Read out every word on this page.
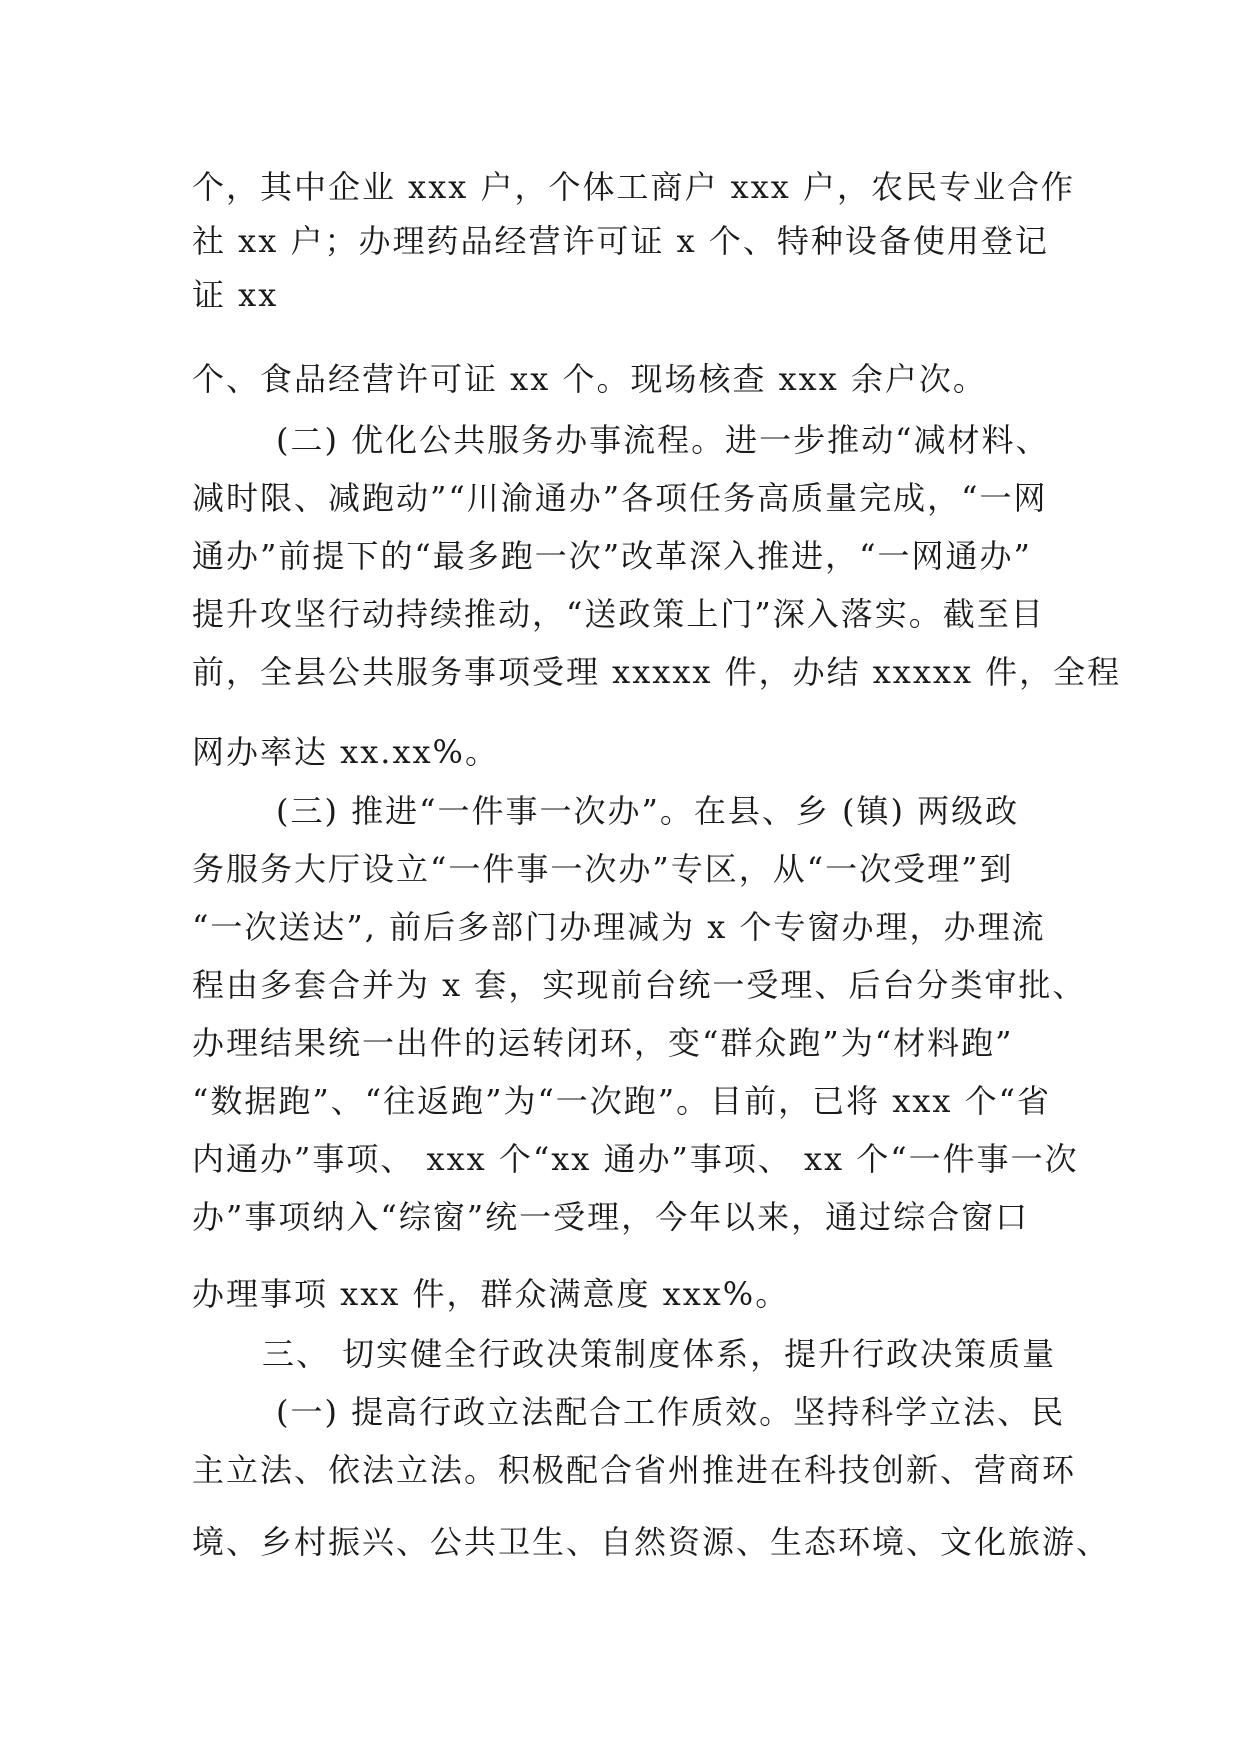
个，其中企业 xxx 户，个体工商户 xxx 户，农民专业合作
社 xx 户；办理药品经营许可证 x 个、特种设备使用登记
证 xx
个、食品经营许可证 xx 个。现场核查 xxx 余户次。
(二) 优化公共服务办事流程。进一步推动“减材料、
减时限、减跑动”“川渝通办”各项任务高质量完成，“一网
通办”前提下的“最多跑一次”改革深入推进，“一网通办”
提升攻坚行动持续推动，“送政策上门”深入落实。截至目
前，全县公共服务事项受理 xxxxx 件，办结 xxxxx 件，全程
网办率达 xx.xx%。
(三) 推进“一件事一次办”。在县、乡 (镇) 两级政
务服务大厅设立“一件事一次办”专区，从“一次受理”到
“一次送达”, 前后多部门办理减为 x 个专窗办理，办理流
程由多套合并为 x 套，实现前台统一受理、后台分类审批、
办理结果统一出件的运转闭环，变“群众跑”为“材料跑”
“数据跑”、“往返跑”为“一次跑”。目前，已将 xxx 个“省
内通办”事项、 xxx 个“xx 通办”事项、 xx 个“一件事一次
办”事项纳入“综窗”统一受理，今年以来，通过综合窗口
办理事项 xxx 件，群众满意度 xxx%。
三、 切实健全行政决策制度体系，提升行政决策质量
(一) 提高行政立法配合工作质效。坚持科学立法、民
主立法、依法立法。积极配合省州推进在科技创新、营商环
境、乡村振兴、公共卫生、自然资源、生态环境、文化旅游、
